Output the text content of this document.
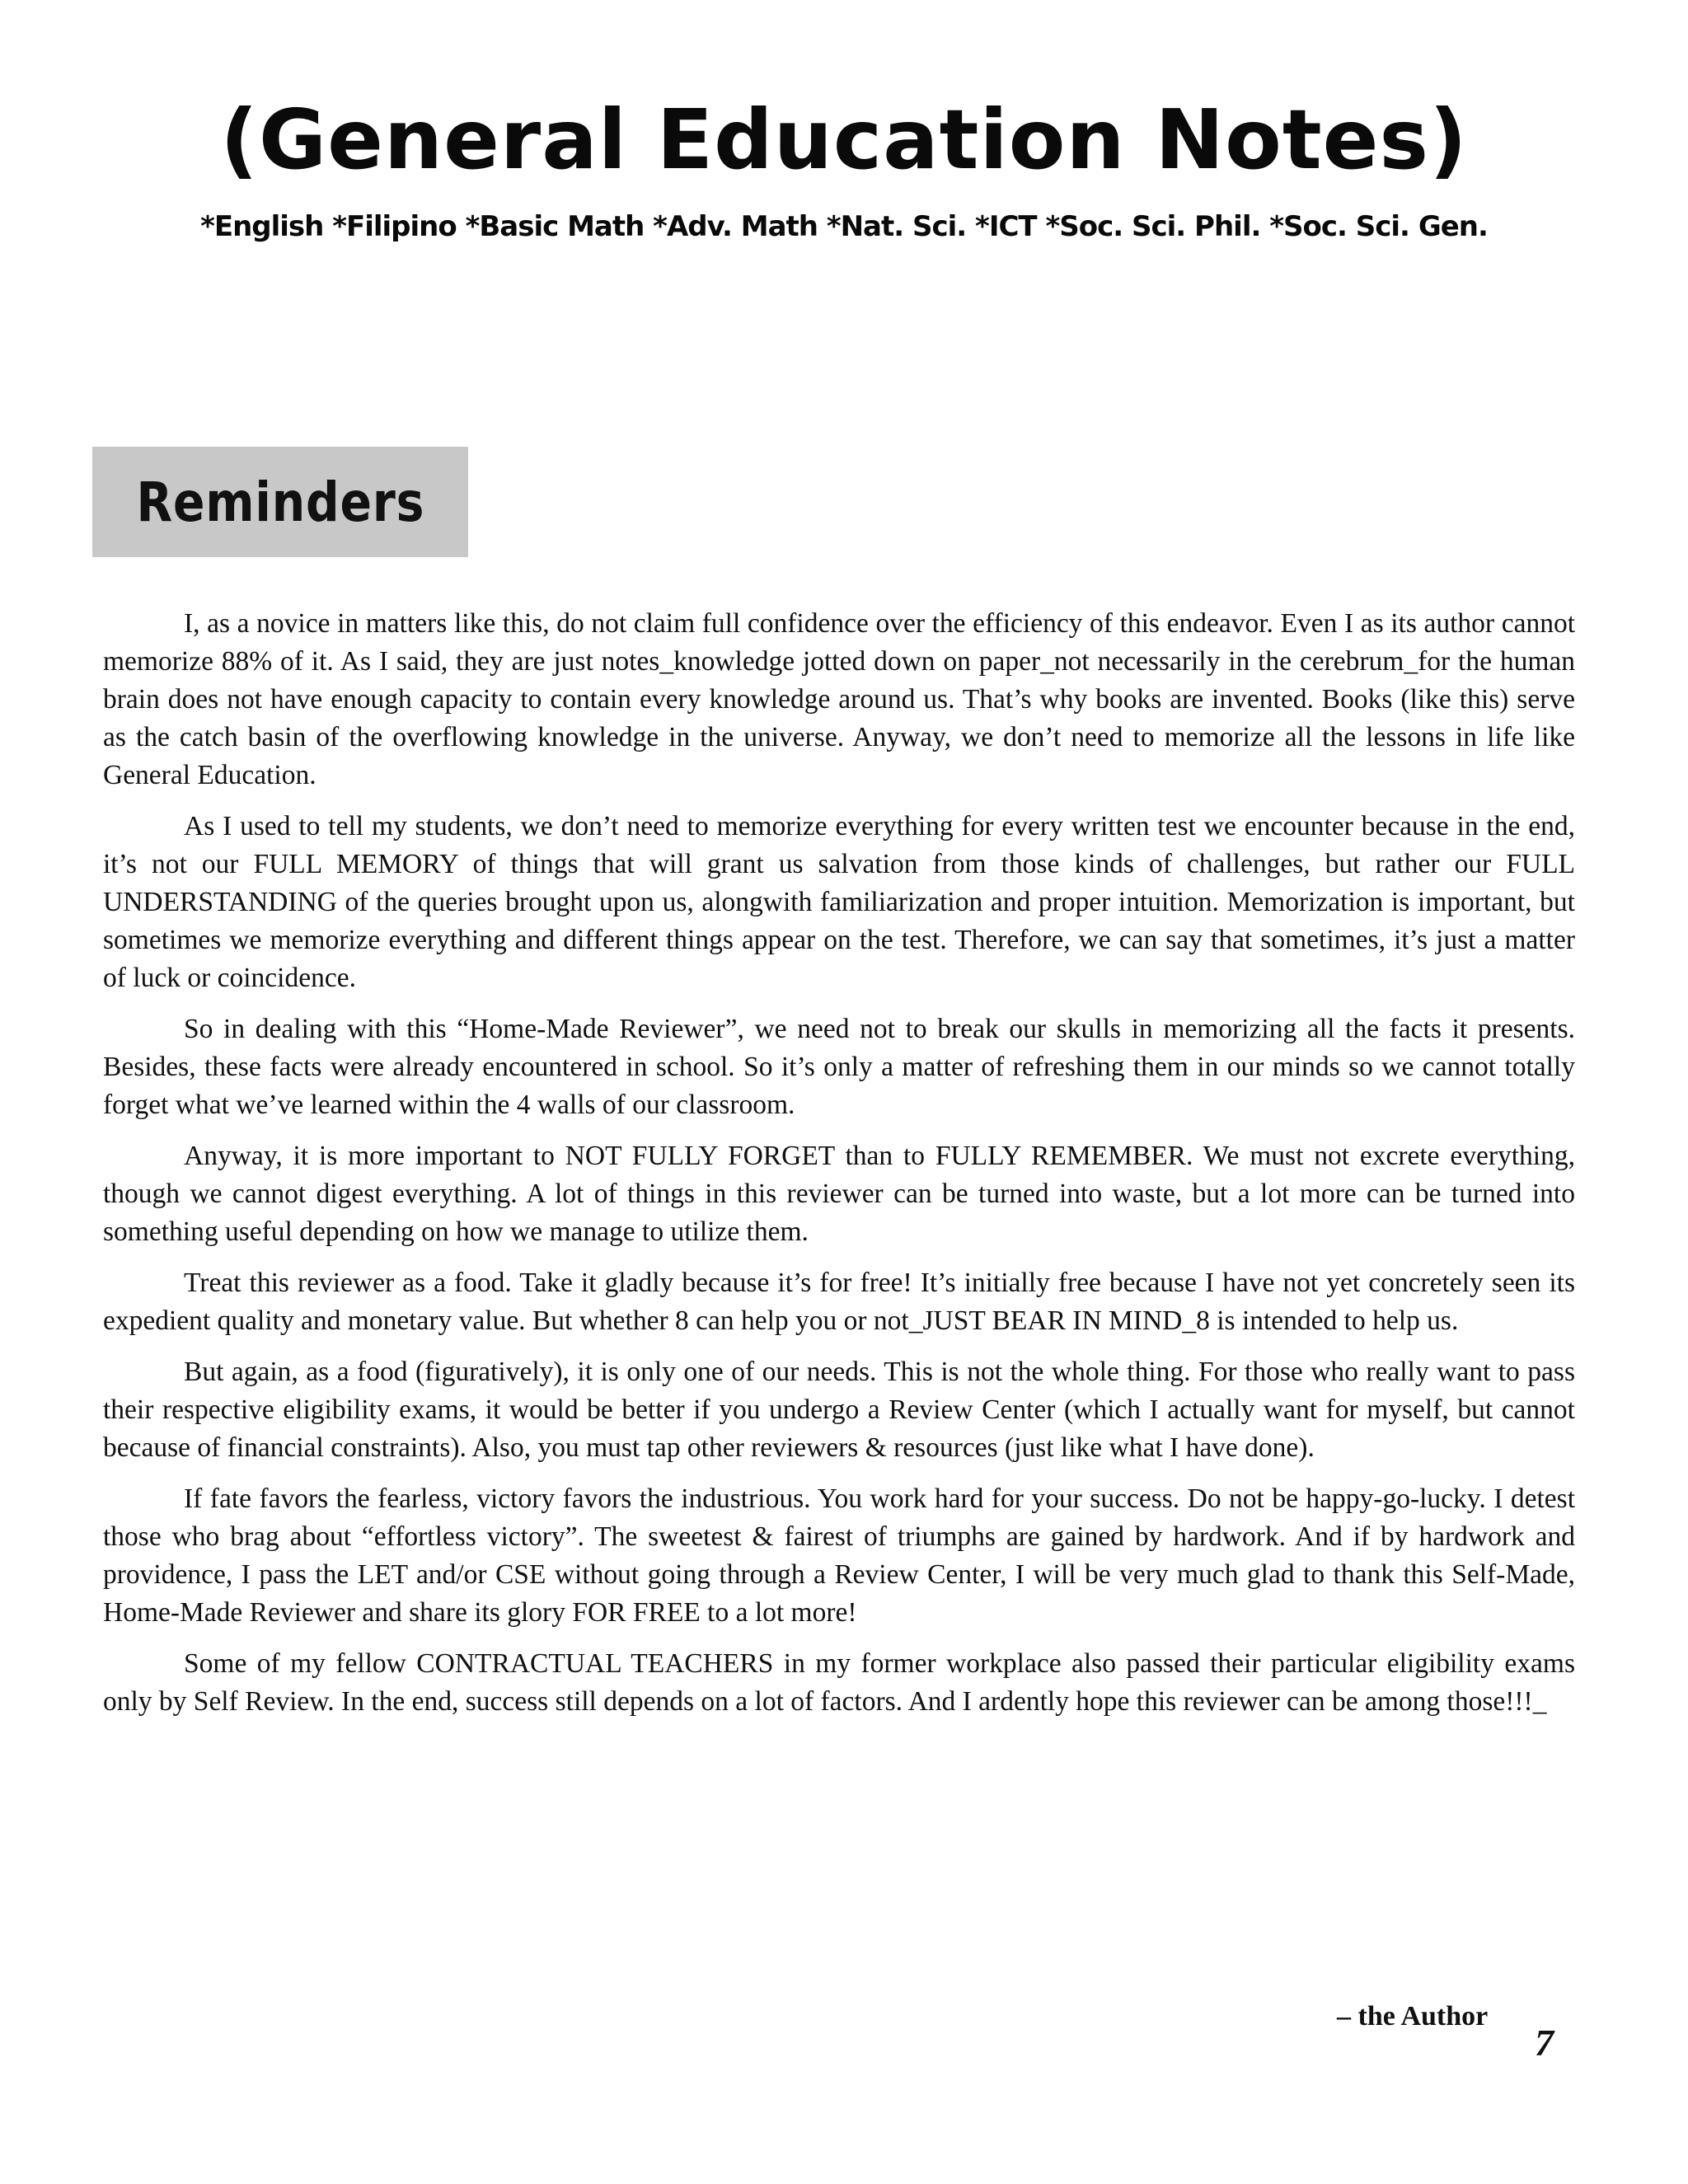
(General Education Notes)
*English *Filipino *Basic Math *Adv. Math *Nat. Sci. *ICT *Soc. Sci. Phil. *Soc. Sci. Gen.
Reminders

I, as a novice in matters like this, do not claim full confidence over the efficiency of this endeavor. Even I as its author cannot memorize 88% of it. As I said, they are just notes_knowledge jotted down on paper_not necessarily in the cerebrum_for the human brain does not have enough capacity to contain every knowledge around us. That’s why books are invented. Books (like this) serve as the catch basin of the overflowing knowledge in the universe. Anyway, we don’t need to memorize all the lessons in life like General Education.

As I used to tell my students, we don’t need to memorize everything for every written test we encounter because in the end, it’s not our FULL MEMORY of things that will grant us salvation from those kinds of challenges, but rather our FULL UNDERSTANDING of the queries brought upon us, alongwith familiarization and proper intuition. Memorization is important, but sometimes we memorize everything and different things appear on the test. Therefore, we can say that sometimes, it’s just a matter of luck or coincidence.

So in dealing with this “Home-Made Reviewer”, we need not to break our skulls in memorizing all the facts it presents. Besides, these facts were already encountered in school. So it’s only a matter of refreshing them in our minds so we cannot totally forget what we’ve learned within the 4 walls of our classroom.

Anyway, it is more important to NOT FULLY FORGET than to FULLY REMEMBER. We must not excrete everything, though we cannot digest everything. A lot of things in this reviewer can be turned into waste, but a lot more can be turned into something useful depending on how we manage to utilize them.

Treat this reviewer as a food. Take it gladly because it’s for free! It’s initially free because I have not yet concretely seen its expedient quality and monetary value. But whether 8 can help you or not_JUST BEAR IN MIND_8 is intended to help us.

But again, as a food (figuratively), it is only one of our needs. This is not the whole thing. For those who really want to pass their respective eligibility exams, it would be better if you undergo a Review Center (which I actually want for myself, but cannot because of financial constraints). Also, you must tap other reviewers & resources (just like what I have done).

If fate favors the fearless, victory favors the industrious. You work hard for your success. Do not be happy-go-lucky. I detest those who brag about “effortless victory”. The sweetest & fairest of triumphs are gained by hardwork. And if by hardwork and providence, I pass the LET and/or CSE without going through a Review Center, I will be very much glad to thank this Self-Made, Home-Made Reviewer and share its glory FOR FREE to a lot more!

Some of my fellow CONTRACTUAL TEACHERS in my former workplace also passed their particular eligibility exams only by Self Review. In the end, success still depends on a lot of factors. And I ardently hope this reviewer can be among those!!!_

– the Author
7
